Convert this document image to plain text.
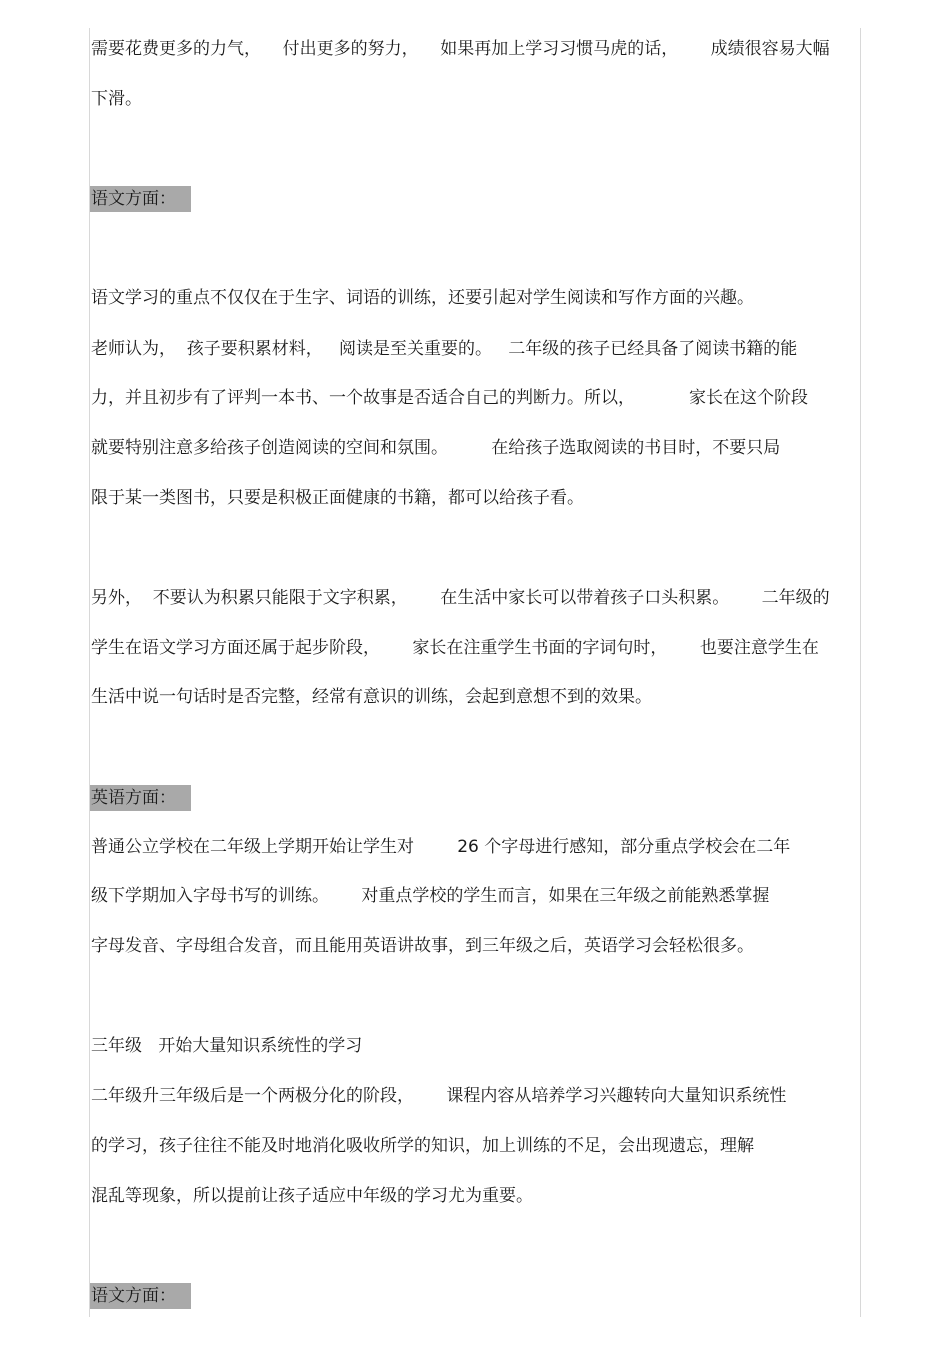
需要花费更多的力气，    付出更多的努力，    如果再加上学习习惯马虎的话，      成绩很容易大幅
下滑。
语文方面：
语文学习的重点不仅仅在于生字、词语的训练，还要引起对学生阅读和写作方面的兴趣。
老师认为，  孩子要积累材料，   阅读是至关重要的。   二年级的孩子已经具备了阅读书籍的能
力，并且初步有了评判一本书、一个故事是否适合自己的判断力。所以，          家长在这个阶段
就要特别注意多给孩子创造阅读的空间和氛围。        在给孩子选取阅读的书目时，不要只局
限于某一类图书，只要是积极正面健康的书籍，都可以给孩子看。
另外，  不要认为积累只能限于文字积累，      在生活中家长可以带着孩子口头积累。      二年级的
学生在语文学习方面还属于起步阶段，      家长在注重学生书面的字词句时，      也要注意学生在
生活中说一句话时是否完整，经常有意识的训练，会起到意想不到的效果。
英语方面：
普通公立学校在二年级上学期开始让学生对        26 个字母进行感知，部分重点学校会在二年
级下学期加入字母书写的训练。      对重点学校的学生而言，如果在三年级之前能熟悉掌握
字母发音、字母组合发音，而且能用英语讲故事，到三年级之后，英语学习会轻松很多。
三年级   开始大量知识系统性的学习
二年级升三年级后是一个两极分化的阶段，      课程内容从培养学习兴趣转向大量知识系统性
的学习，孩子往往不能及时地消化吸收所学的知识，加上训练的不足，会出现遗忘，理解
混乱等现象，所以提前让孩子适应中年级的学习尤为重要。
语文方面：
